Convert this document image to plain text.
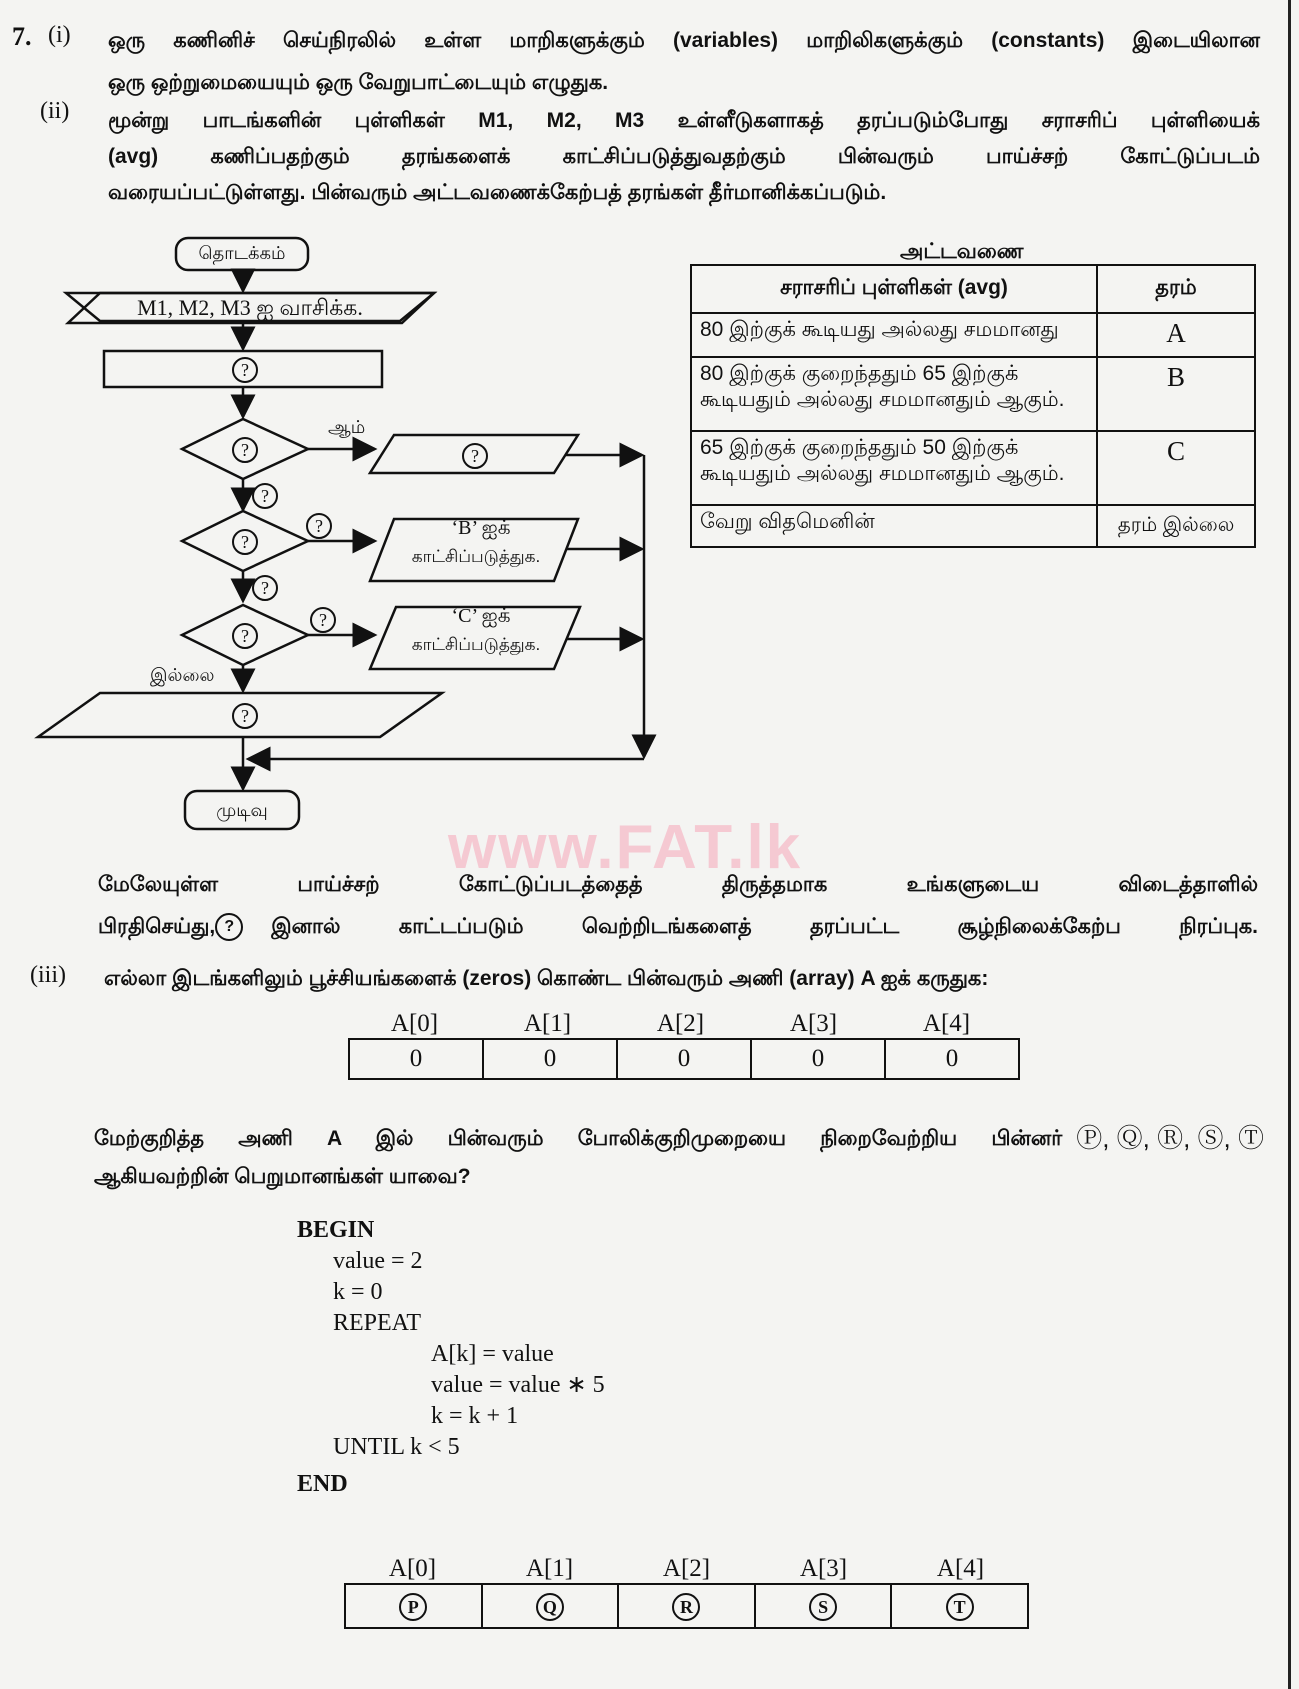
7. (i) ஒரு கணினிச் செய்நிரலில் உள்ள மாறிகளுக்கும் (variables) மாறிலிகளுக்கும் (constants) இடையிலான
ஒரு ஒற்றுமையையும் ஒரு வேறுபாட்டையும் எழுதுக.
(ii) மூன்று பாடங்களின் புள்ளிகள் M1, M2, M3 உள்ளீடுகளாகத் தரப்படும்போது சராசரிப் புள்ளியைக்
(avg) கணிப்பதற்கும் தரங்களைக் காட்சிப்படுத்துவதற்கும் பின்வரும் பாய்ச்சற் கோட்டுப்படம்
வரையப்பட்டுள்ளது. பின்வரும் அட்டவணைக்கேற்பத் தரங்கள் தீர்மானிக்கப்படும்.
தொடக்கம்
M1, M2, M3 ஐ வாசிக்க.
?
?
ஆம்
?
?
?
?	‘B’ ஐக்
காட்சிப்படுத்துக.
?
?
?	‘C’ ஐக்
காட்சிப்படுத்துக.
இல்லை
?
முடிவு
அட்டவணை
சராசரிப் புள்ளிகள் (avg)	தரம்
80 இற்குக் கூடியது அல்லது சமமானது	A

80 இற்குக் குறைந்ததும் 65 இற்குக்
கூடியதும் அல்லது சமமானதும் ஆகும்.	B

65 இற்குக் குறைந்ததும் 50 இற்குக்
கூடியதும் அல்லது சமமானதும் ஆகும்.	C
வேறு விதமெனின்	தரம் இல்லை
www.FAT.lk
மேலேயுள்ள பாய்ச்சற் கோட்டுப்படத்தைத் திருத்தமாக உங்களுடைய விடைத்தாளில்
பிரதிசெய்து, ?	இனால் காட்டப்படும் வெற்றிடங்களைத் தரப்பட்ட சூழ்நிலைக்கேற்ப நிரப்புக.
(iii) எல்லா இடங்களிலும் பூச்சியங்களைக் (zeros) கொண்ட பின்வரும் அணி (array) A ஐக் கருதுக:
A[0]	A[1]	A[2]	A[3]	A[4]
0	0	0	0	0
மேற்குறித்த அணி A இல் பின்வரும் போலிக்குறிமுறையை நிறைவேற்றிய பின்னர் Ⓟ, Ⓠ, Ⓡ, Ⓢ, Ⓣ
ஆகியவற்றின் பெறுமானங்கள் யாவை?
BEGIN
value = 2
k = 0
REPEAT
A[k] = value
value = value ∗ 5
k = k + 1
UNTIL k < 5
END
A[0]	A[1]	A[2]	A[3]	A[4]
P	Q	R	S	T
